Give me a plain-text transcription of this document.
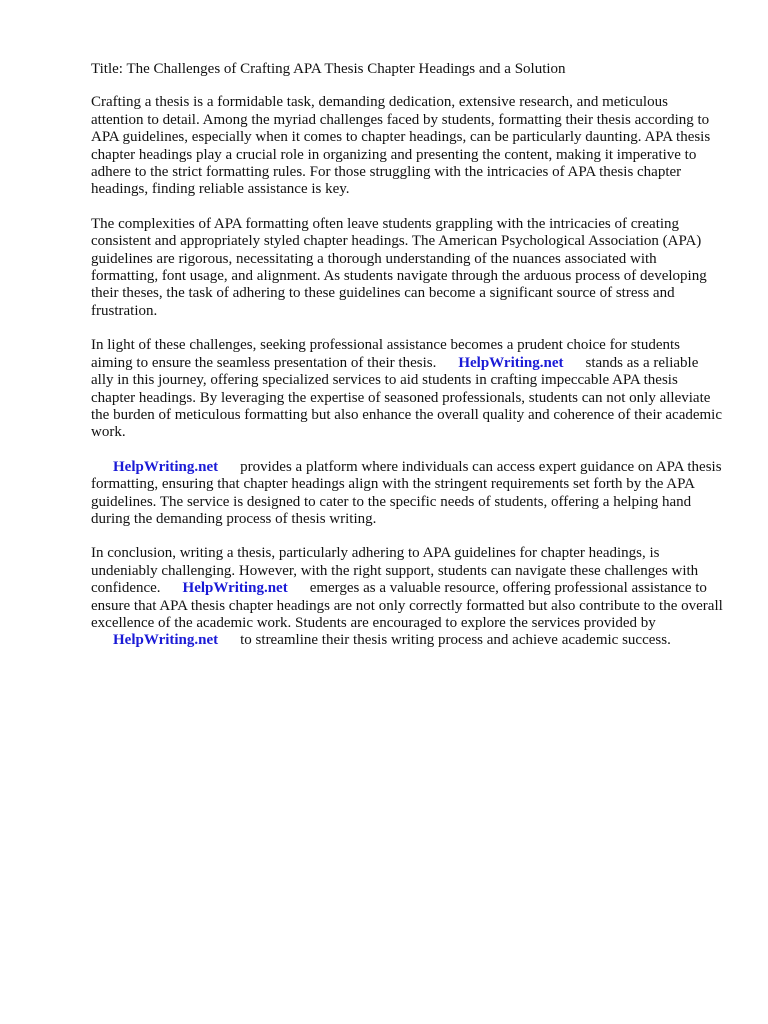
Title: The Challenges of Crafting APA Thesis Chapter Headings and a Solution

Crafting a thesis is a formidable task, demanding dedication, extensive research, and meticulous attention to detail. Among the myriad challenges faced by students, formatting their thesis according to APA guidelines, especially when it comes to chapter headings, can be particularly daunting. APA thesis chapter headings play a crucial role in organizing and presenting the content, making it imperative to adhere to the strict formatting rules. For those struggling with the intricacies of APA thesis chapter headings, finding reliable assistance is key.

The complexities of APA formatting often leave students grappling with the intricacies of creating consistent and appropriately styled chapter headings. The American Psychological Association (APA) guidelines are rigorous, necessitating a thorough understanding of the nuances associated with formatting, font usage, and alignment. As students navigate through the arduous process of developing their theses, the task of adhering to these guidelines can become a significant source of stress and frustration.

In light of these challenges, seeking professional assistance becomes a prudent choice for students aiming to ensure the seamless presentation of their thesis. HelpWriting.net stands as a reliable ally in this journey, offering specialized services to aid students in crafting impeccable APA thesis chapter headings. By leveraging the expertise of seasoned professionals, students can not only alleviate the burden of meticulous formatting but also enhance the overall quality and coherence of their academic work.

HelpWriting.net provides a platform where individuals can access expert guidance on APA thesis formatting, ensuring that chapter headings align with the stringent requirements set forth by the APA guidelines. The service is designed to cater to the specific needs of students, offering a helping hand during the demanding process of thesis writing.

In conclusion, writing a thesis, particularly adhering to APA guidelines for chapter headings, is undeniably challenging. However, with the right support, students can navigate these challenges with confidence. HelpWriting.net emerges as a valuable resource, offering professional assistance to ensure that APA thesis chapter headings are not only correctly formatted but also contribute to the overall excellence of the academic work. Students are encouraged to explore the services provided by HelpWriting.net to streamline their thesis writing process and achieve academic success.
